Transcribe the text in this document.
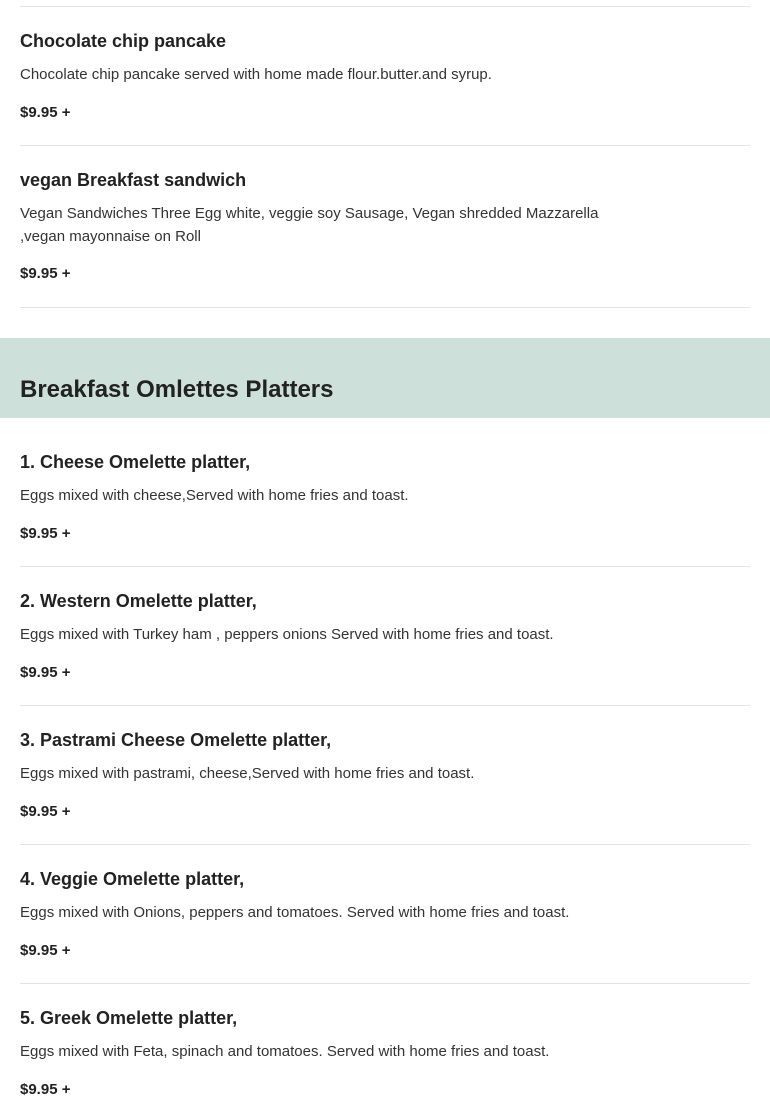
Chocolate chip pancake

Chocolate chip pancake served with home made flour.butter.and syrup.

$9.95 +

vegan Breakfast sandwich

Vegan Sandwiches Three Egg white, veggie soy Sausage, Vegan shredded Mazzarella ,vegan mayonnaise on Roll

$9.95 +

Breakfast Omlettes Platters
1. Cheese Omelette platter,

Eggs mixed with cheese,Served with home fries and toast.

$9.95 +

2. Western Omelette platter,

Eggs mixed with Turkey ham , peppers onions Served with home fries and toast.

$9.95 +

3. Pastrami Cheese Omelette platter,

Eggs mixed with pastrami, cheese,Served with home fries and toast.

$9.95 +

4. Veggie Omelette platter,

Eggs mixed with Onions, peppers and tomatoes. Served with home fries and toast.

$9.95 +

5. Greek Omelette platter,

Eggs mixed with Feta, spinach and tomatoes. Served with home fries and toast.

$9.95 +
